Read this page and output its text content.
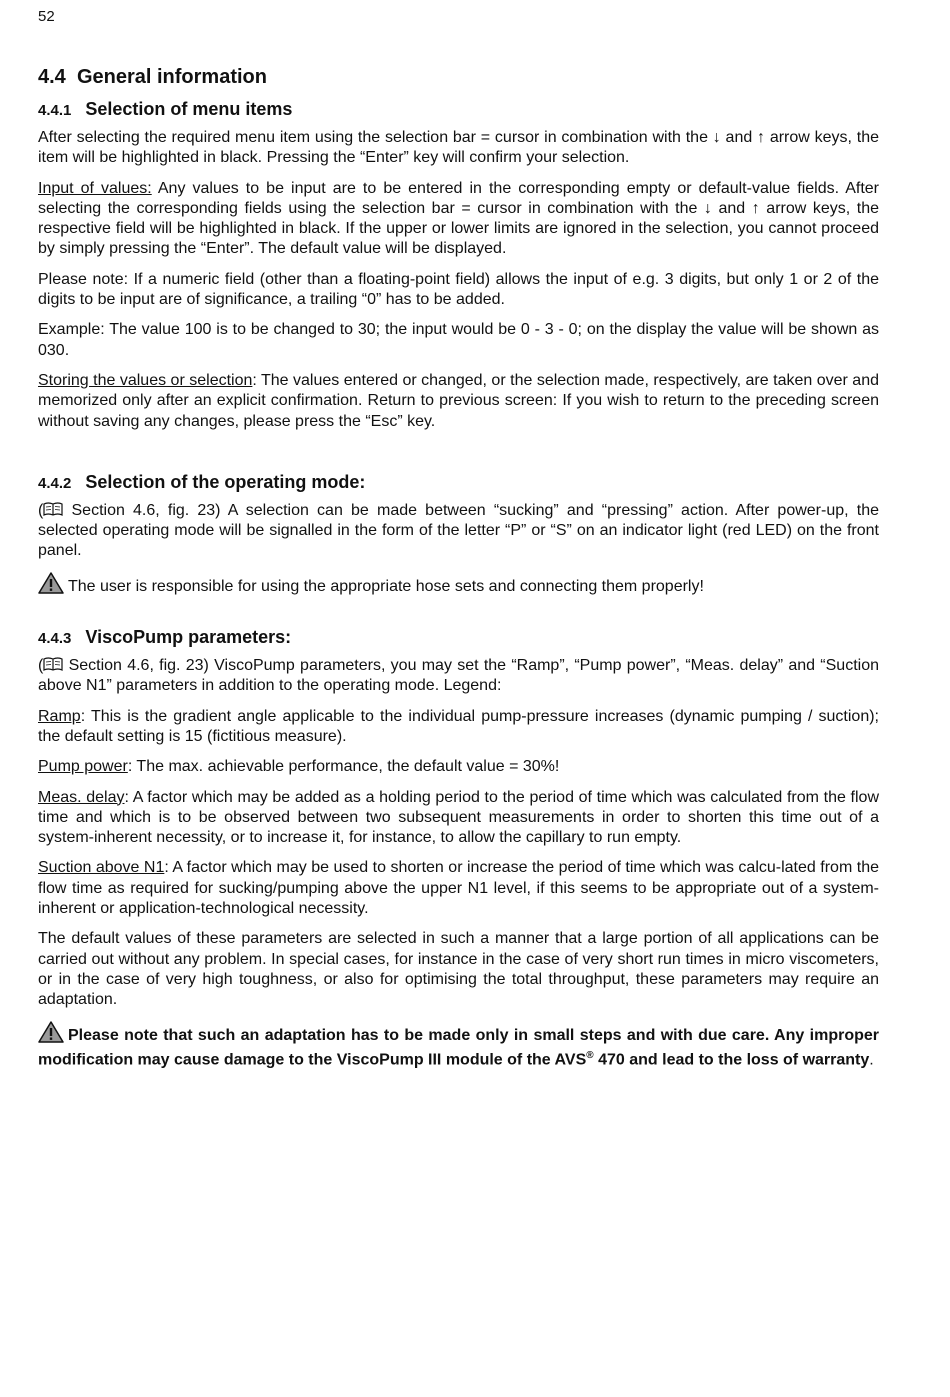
52
4.4 General information
4.4.1 Selection of menu items

After selecting the required menu item using the selection bar = cursor in combination with the ↓ and ↑ arrow keys, the item will be highlighted in black. Pressing the “Enter” key will confirm your selection.

Input of values: Any values to be input are to be entered in the corresponding empty or default-value fields. After selecting the corresponding fields using the selection bar = cursor in combination with the ↓ and ↑ arrow keys, the respective field will be highlighted in black. If the upper or lower limits are ignored in the selection, you cannot proceed by simply pressing the “Enter”. The default value will be displayed.

Please note: If a numeric field (other than a floating-point field) allows the input of e.g. 3 digits, but only 1 or 2 of the digits to be input are of significance, a trailing “0” has to be added.

Example: The value 100 is to be changed to 30; the input would be 0 - 3 - 0; on the display the value will be shown as 030.

Storing the values or selection: The values entered or changed, or the selection made, respectively, are taken over and memorized only after an explicit confirmation. Return to previous screen: If you wish to return to the preceding screen without saving any changes, please press the “Esc” key.

4.4.2 Selection of the operating mode:

( Section 4.6, fig. 23) A selection can be made between “sucking” and “pressing” action. After power-up, the selected operating mode will be signalled in the form of the letter “P” or “S” on an indicator light (red LED) on the front panel.

The user is responsible for using the appropriate hose sets and connecting them properly!

4.4.3 ViscoPump parameters:

( Section 4.6, fig. 23) ViscoPump parameters, you may set the “Ramp”, “Pump power”, “Meas. delay” and “Suction above N1” parameters in addition to the operating mode. Legend:

Ramp: This is the gradient angle applicable to the individual pump-pressure increases (dynamic pumping / suction); the default setting is 15 (fictitious measure).

Pump power: The max. achievable performance, the default value = 30%!

Meas. delay: A factor which may be added as a holding period to the period of time which was calculated from the flow time and which is to be observed between two subsequent measurements in order to shorten this time out of a system-inherent necessity, or to increase it, for instance, to allow the capillary to run empty.

Suction above N1: A factor which may be used to shorten or increase the period of time which was calcu-lated from the flow time as required for sucking/pumping above the upper N1 level, if this seems to be appropriate out of a system-inherent or application-technological necessity.

The default values of these parameters are selected in such a manner that a large portion of all applications can be carried out without any problem. In special cases, for instance in the case of very short run times in micro viscometers, or in the case of very high toughness, or also for optimising the total throughput, these parameters may require an adaptation.

Please note that such an adaptation has to be made only in small steps and with due care. Any improper modification may cause damage to the ViscoPump III module of the AVS® 470 and lead to the loss of warranty.
